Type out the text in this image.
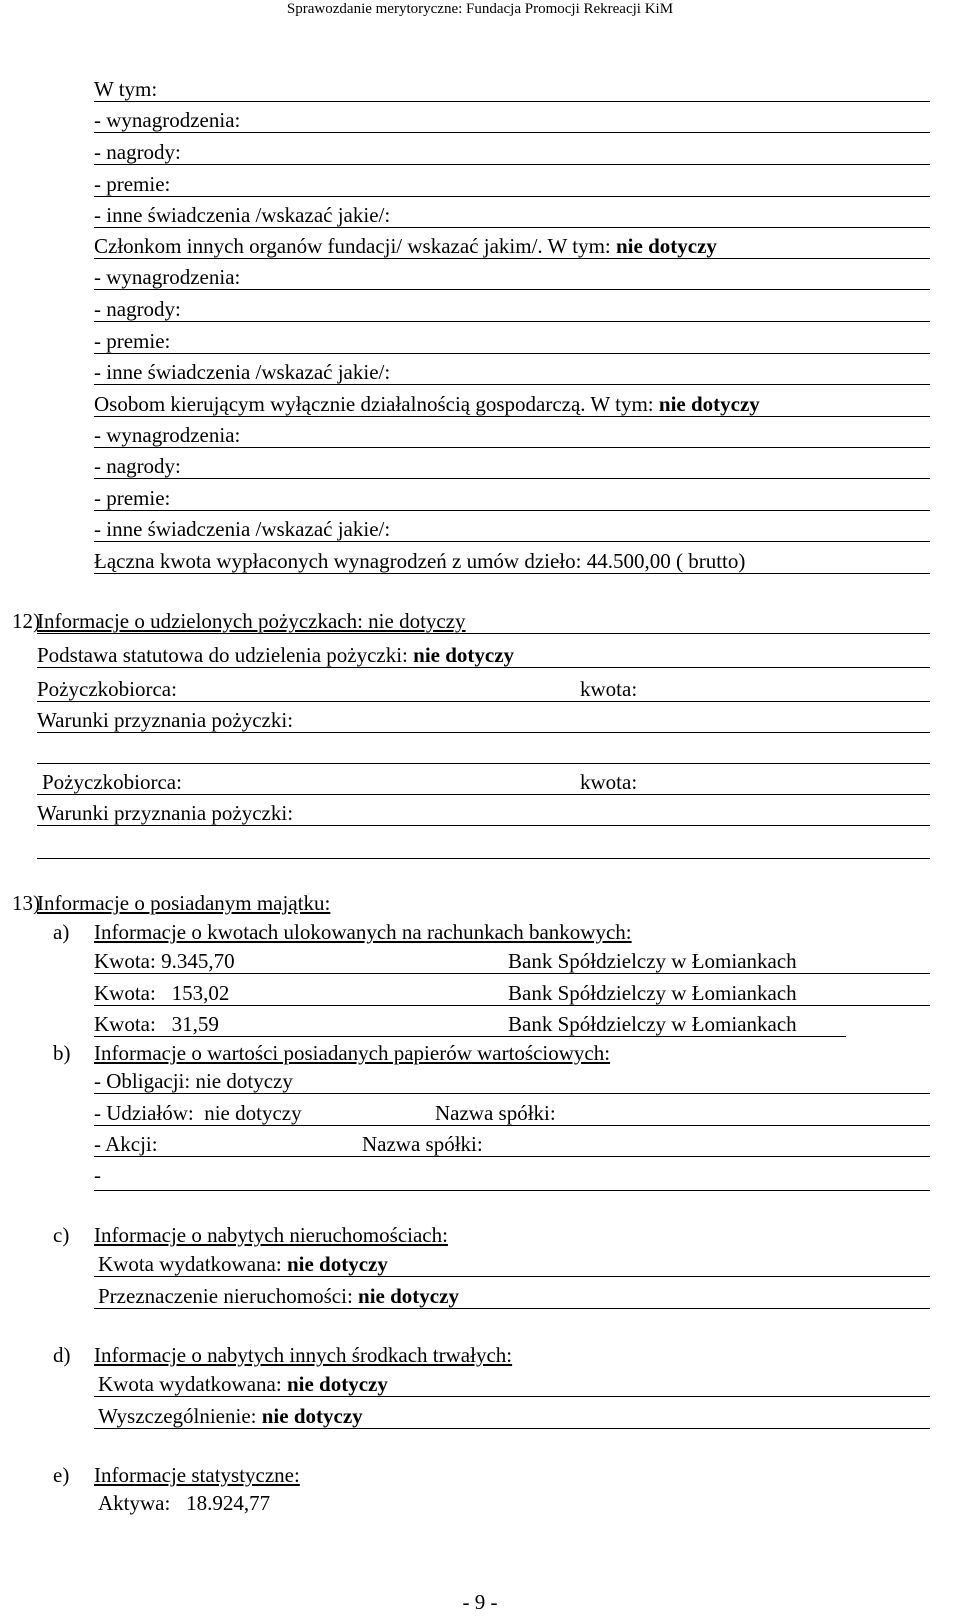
Sprawozdanie merytoryczne: Fundacja Promocji Rekreacji KiM
W tym:
- wynagrodzenia:
- nagrody:
- premie:
- inne świadczenia /wskazać jakie/:
Członkom innych organów fundacji/ wskazać jakim/. W tym: nie dotyczy
- wynagrodzenia:
- nagrody:
- premie:
- inne świadczenia /wskazać jakie/:
Osobom kierującym wyłącznie działalnością gospodarczą. W tym: nie dotyczy
- wynagrodzenia:
- nagrody:
- premie:
- inne świadczenia /wskazać jakie/:
Łączna kwota wypłaconych wynagrodzeń z umów dzieło: 44.500,00 ( brutto)
12)
Informacje o udzielonych pożyczkach: nie dotyczy
Podstawa statutowa do udzielenia pożyczki: nie dotyczy
Pożyczkobiorca:	kwota:
Warunki przyznania pożyczki:
Pożyczkobiorca:	kwota:
Warunki przyznania pożyczki:
13)
Informacje o posiadanym majątku:
a) Informacje o kwotach ulokowanych na rachunkach bankowych:
Kwota: 9.345,70	Bank Spółdzielczy w Łomiankach
Kwota:   153,02	Bank Spółdzielczy w Łomiankach
Kwota:   31,59	Bank Spółdzielczy w Łomiankach
b) Informacje o wartości posiadanych papierów wartościowych:
- Obligacji: nie dotyczy
- Udziałów:  nie dotyczy	Nazwa spółki:
- Akcji:	Nazwa spółki:
-
c) Informacje o nabytych nieruchomościach:
Kwota wydatkowana: nie dotyczy
Przeznaczenie nieruchomości: nie dotyczy
d) Informacje o nabytych innych środkach trwałych:
Kwota wydatkowana: nie dotyczy
Wyszczególnienie: nie dotyczy
e) Informacje statystyczne:
Aktywa:   18.924,77
- 9 -
